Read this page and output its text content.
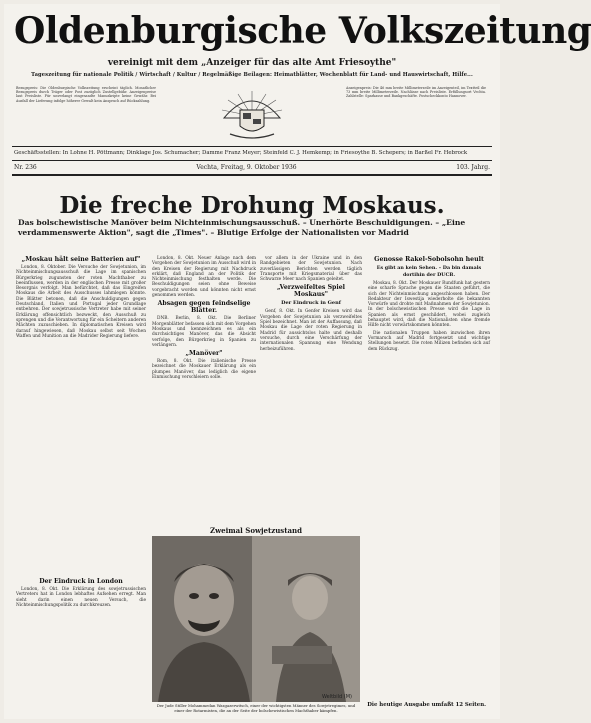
Oldenburgische Volkszeitung
vereinigt mit dem „Anzeiger für das alte Amt Friesoythe"
Tageszeitung für nationale Politik / Wirtschaft / Kultur / Regelmäßige Beilagen: Heimatblätter, Wochenblatt für Land- und Hauswirtschaft, Hilfe...
Bezugspreis: Die Oldenburgische Volkszeitung erscheint täglich. Monatlicher Bezugspreis durch Träger oder Post zuzüglich Zustellgebühr. Anzeigenpreise laut Preisliste. Für unverlangt eingesandte Manuskripte keine Gewähr. Bei Ausfall der Lieferung infolge höherer Gewalt kein Anspruch auf Rückzahlung.
Anzeigenpreis: Die 46 mm breite Millimeterzeile im Anzeigenteil, im Textteil die 73 mm breite Millimeterzeile. Nachlässe nach Preisliste. Erfüllungsort Vechta. Zahlstelle: Sparkasse und Bankgeschäfte. Postscheckkonto Hannover.
Geschäftsstellen: In Lohne H. Pöttmann; Dinklage Jos. Schumacher; Damme Franz Meyer; Steinfeld C. J. Hemkemp; in Friesoythe B. Schepers; in Barßel Fr. Hebrock
Nr. 236	Vechta, Freitag, 9. Oktober 1936	103. Jahrg.
Die freche Drohung Moskaus.
Das bolschewistische Manöver beim Nichteinmischungsausschuß. – Unerhörte Beschuldigungen. – „Eine verdammenswerte Aktion", sagt die „Times". – Blutige Erfolge der Nationalisten vor Madrid
„Moskau hält seine Batterien auf"

London, 8. Oktober. Die Versuche der Sowjetunion, im Nichteinmischungsausschuß die Lage im spanischen Bürgerkrieg zugunsten der roten Machthaber zu beeinflussen, werden in der englischen Presse mit großer Besorgnis verfolgt. Man befürchtet, daß das Eingreifen Moskaus die Arbeit des Ausschusses lahmlegen könnte. Die Blätter betonen, daß die Anschuldigungen gegen Deutschland, Italien und Portugal jeder Grundlage entbehren. Der sowjetrussische Vertreter habe mit seiner Erklärung offensichtlich bezweckt, den Ausschuß zu sprengen und die Verantwortung für ein Scheitern anderen Mächten zuzuschieben. In diplomatischen Kreisen wird darauf hingewiesen, daß Moskau selbst seit Wochen Waffen und Munition an die Madrider Regierung liefere.

Der Eindruck in London

London, 8. Okt. Die Erklärung des sowjetrussischen Vertreters hat in London lebhaftes Aufsehen erregt. Man sieht darin einen neuen Versuch, die Nichteinmischungspolitik zu durchkreuzen.

London, 8. Okt. Neuer Anlage nach dem Vorgehen der Sowjetunion im Ausschuß wird in den Kreisen der Regierung mit Nachdruck erklärt, daß England an der Politik der Nichteinmischung festhalten werde. Die Beschuldigungen seien ohne Beweise vorgebracht worden und könnten nicht ernst genommen werden.

Absagen gegen feindselige Blätter.

DNB. Berlin, 8. Okt. Die Berliner Morgenblätter befassen sich mit dem Vorgehen Moskaus und kennzeichnen es als ein durchsichtiges Manöver, das die Absicht verfolge, den Bürgerkrieg in Spanien zu verlängern.

„Manöver"

Rom, 8. Okt. Die italienische Presse bezeichnet die Moskauer Erklärung als ein plumpes Manöver, das lediglich die eigene Einmischung verschleiern solle.

vor allem in der Ukraine und in den Randgebieten der Sowjetunion. Nach zuverlässigen Berichten werden täglich Transporte mit Kriegsmaterial über das Schwarze Meer nach Spanien geleitet.

„Verzweifeltes Spiel Moskaus"
Der Eindruck in Genf

Genf, 8. Okt. In Genfer Kreisen wird das Vorgehen der Sowjetunion als verzweifeltes Spiel bezeichnet. Man ist der Auffassung, daß Moskau die Lage der roten Regierung in Madrid für aussichtslos halte und deshalb versuche, durch eine Verschärfung der internationalen Spannung eine Wendung herbeizuführen.

Genosse Rakel-Sobolsohn heult
Es gibt an kein Sehen. – Da bin damals dortihin der DUCB.

Moskau, 8. Okt. Der Moskauer Rundfunk hat gestern eine scharfe Sprache gegen die Staaten geführt, die sich der Nichteinmischung angeschlossen haben. Der Redakteur der Iswestija wiederholte die bekannten Vorwürfe und drohte mit Maßnahmen der Sowjetunion. In der bolschewistischen Presse wird die Lage in Spanien als ernst geschildert, wobei zugleich behauptet wird, daß die Nationalisten ohne fremde Hilfe nicht vorwärtskommen könnten.

Die nationalen Truppen haben inzwischen ihren Vormarsch auf Madrid fortgesetzt und wichtige Stellungen besetzt. Die roten Milizen befinden sich auf dem Rückzug.

Zweimal Sowjetzustand
Weltbild (M)
Der Jude Stiller Mohammedan Wazgazerwitsch, einer der wichtigsten Männer des Sowjetregimes, und einer der Rotarmisten, die an der Seite der bolschewistischen Machthaber kämpfen.
Die heutige Ausgabe umfaßt 12 Seiten.
